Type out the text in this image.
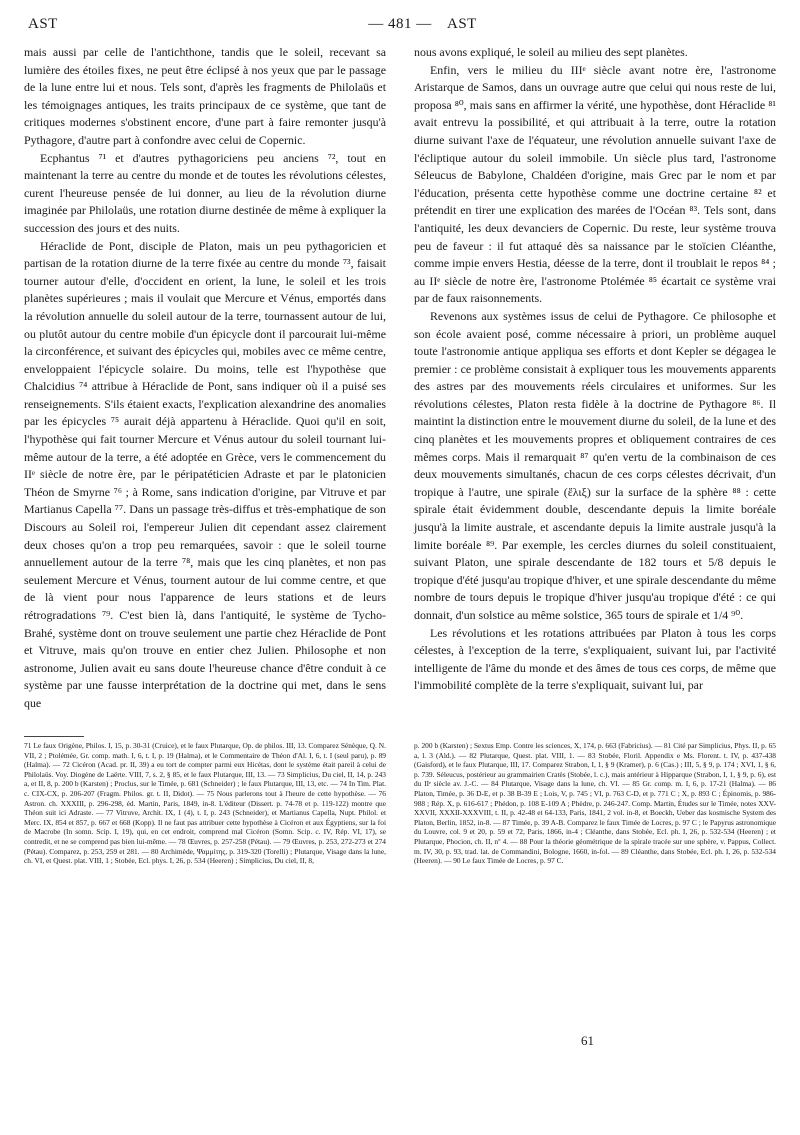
AST	— 481 —	AST

mais aussi par celle de l'antichthone, tandis que le soleil, recevant sa lumière des étoiles fixes, ne peut être éclipsé à nos yeux que par le passage de la lune entre lui et nous. Tels sont, d'après les fragments de Philolaüs et les témoignages antiques, les traits principaux de ce système, que tant de critiques modernes s'obstinent encore, d'une part à faire remonter jusqu'à Pythagore, d'autre part à confondre avec celui de Copernic.

Ecphantus ⁷¹ et d'autres pythagoriciens peu anciens ⁷², tout en maintenant la terre au centre du monde et de toutes les révolutions célestes, curent l'heureuse pensée de lui donner, au lieu de la révolution diurne imaginée par Philolaüs, une rotation diurne destinée de même à expliquer la succession des jours et des nuits.

Héraclide de Pont, disciple de Platon, mais un peu pythagoricien et partisan de la rotation diurne de la terre fixée au centre du monde ⁷³, faisait tourner autour d'elle, d'occident en orient, la lune, le soleil et les trois planètes supérieures ; mais il voulait que Mercure et Vénus, emportés dans la révolution annuelle du soleil autour de la terre, tournassent autour de lui, ou plutôt autour du centre mobile d'un épicycle dont il parcourait lui-même la circonférence, et suivant des épicycles qui, mobiles avec ce même centre, enveloppaient l'épicycle solaire. Du moins, telle est l'hypothèse que Chalcidius ⁷⁴ attribue à Héraclide de Pont, sans indiquer où il a puisé ses renseignements. S'ils étaient exacts, l'explication alexandrine des anomalies par les épicycles ⁷⁵ aurait déjà appartenu à Héraclide. Quoi qu'il en soit, l'hypothèse qui fait tourner Mercure et Vénus autour du soleil tournant lui-même autour de la terre, a été adoptée en Grèce, vers le commencement du IIᵉ siècle de notre ère, par le péripatéticien Adraste et par le platonicien Théon de Smyrne ⁷⁶ ; à Rome, sans indication d'origine, par Vitruve et par Martianus Capella ⁷⁷. Dans un passage très-diffus et très-emphatique de son Discours au Soleil roi, l'empereur Julien dit cependant assez clairement deux choses qu'on a trop peu remarquées, savoir : que le soleil tourne annuellement autour de la terre ⁷⁸, mais que les cinq planètes, et non pas seulement Mercure et Vénus, tournent autour de lui comme centre, et que de là vient pour nous l'apparence de leurs stations et de leurs rétrogradations ⁷⁹. C'est bien là, dans l'antiquité, le système de Tycho-Brahé, système dont on trouve seulement une partie chez Héraclide de Pont et Vitruve, mais qu'on trouve en entier chez Julien. Philosophe et non astronome, Julien avait eu sans doute l'heureuse chance d'être conduit à ce système par une fausse interprétation de la doctrine qui met, dans le sens que

nous avons expliqué, le soleil au milieu des sept planètes.

Enfin, vers le milieu du IIIᵉ siècle avant notre ère, l'astronome Aristarque de Samos, dans un ouvrage autre que celui qui nous reste de lui, proposa ⁸⁰, mais sans en affirmer la vérité, une hypothèse, dont Héraclide ⁸¹ avait entrevu la possibilité, et qui attribuait à la terre, outre la rotation diurne suivant l'axe de l'équateur, une révolution annuelle suivant l'axe de l'écliptique autour du soleil immobile. Un siècle plus tard, l'astronome Séleucus de Babylone, Chaldéen d'origine, mais Grec par le nom et par l'éducation, présenta cette hypothèse comme une doctrine certaine ⁸² et prétendit en tirer une explication des marées de l'Océan ⁸³. Tels sont, dans l'antiquité, les deux devanciers de Copernic. Du reste, leur système trouva peu de faveur : il fut attaqué dès sa naissance par le stoïcien Cléanthe, comme impie envers Hestia, déesse de la terre, dont il troublait le repos ⁸⁴ ; au IIᵉ siècle de notre ère, l'astronome Ptolémée ⁸⁵ écartait ce système vrai par de faux raisonnements.

Revenons aux systèmes issus de celui de Pythagore. Ce philosophe et son école avaient posé, comme nécessaire à priori, un problème auquel toute l'astronomie antique appliqua ses efforts et dont Kepler se dégagea le premier : ce problème consistait à expliquer tous les mouvements apparents des astres par des mouvements réels circulaires et uniformes. Sur les révolutions célestes, Platon resta fidèle à la doctrine de Pythagore ⁸⁶. Il maintint la distinction entre le mouvement diurne du soleil, de la lune et des cinq planètes et les mouvements propres et obliquement contraires de ces mêmes corps. Mais il remarquait ⁸⁷ qu'en vertu de la combinaison de ces deux mouvements simultanés, chacun de ces corps célestes décrivait, d'un tropique à l'autre, une spirale (ἕλιξ) sur la surface de la sphère ⁸⁸ : cette spirale était évidemment double, descendante depuis la limite boréale jusqu'à la limite australe, et ascendante depuis la limite australe jusqu'à la limite boréale ⁸⁹. Par exemple, les cercles diurnes du soleil constituaient, suivant Platon, une spirale descendante de 182 tours et 5/8 depuis le tropique d'été jusqu'au tropique d'hiver, et une spirale descendante du même nombre de tours depuis le tropique d'hiver jusqu'au tropique d'été : ce qui donnait, d'un solstice au même solstice, 365 tours de spirale et 1/4 ⁹⁰.

Les révolutions et les rotations attribuées par Platon à tous les corps célestes, à l'exception de la terre, s'expliquaient, suivant lui, par l'activité intelligente de l'âme du monde et des âmes de tous ces corps, de même que l'immobilité complète de la terre s'expliquait, suivant lui, par

71 Le faux Origène, Philos. I, 15, p. 30-31 (Cruice), et le faux Plutarque, Op. de philos. III, 13. Comparez Sénèque, Q. N. VII, 2 ; Ptolémée, Gr. comp. math. I, 6, t. I, p. 19 (Halma), et le Commentaire de Théon d'Al. I, 6, t. I (seul paru), p. 89 (Halma). — 72 Cicéron (Acad. pr. II, 39) a eu tort de compter parmi eux Hicétas, dont le système était pareil à celui de Philolaüs. Voy. Diogène de Laërte. VIII, 7, s. 2, § 85, et le faux Plutarque, III, 13. — 73 Simplicius, Du ciel, II, 14, p. 243 a, et II, 8, p. 200 b (Karsten) ; Proclus, sur le Timée, p. 681 (Schneider) ; le faux Plutarque, III, 13, etc. — 74 In Tim. Plat. c. CIX-CX, p. 206-207 (Fragm. Philos. gr. t. II, Didot). — 75 Nous parlerons tout à l'heure de cette hypothèse. — 76 Astron. ch. XXXIII, p. 296-298, éd. Martin, Paris, 1849, in-8. L'éditeur (Dissert. p. 74-78 et p. 119-122) montre que Théon suit ici Adraste. — 77 Vitruve, Archit. IX, 1 (4), t. I, p. 243 (Schneider), et Martianus Capella, Nupt. Philol. et Merc. IX, 854 et 857, p. 667 et 668 (Kopp). Il ne faut pas attribuer cette hypothèse à Cicéron et aux Égyptiens, sur la foi de Macrobe (In somn. Scip. I, 19), qui, en cet endroit, comprend mal Cicéron (Somn. Scip. c. IV, Rép. VI, 17), se contredit, et ne se comprend pas bien lui-même. — 78 Œuvres, p. 257-258 (Pétau). — 79 Œuvres, p. 253, 272-273 et 274 (Pétau). Comparez, p. 253, 259 et 281. — 80 Archimède, Ψαμμίτης, p. 319-320 (Torelli) ; Plutarque, Visage dans la lune, ch. VI, et Quest. plat. VIII, 1 ; Stobée, Ecl. phys. I, 26, p. 534 (Heeren) ; Simplicius, Du ciel, II, 8,
p. 200 b (Karsten) ; Sextus Emp. Contre les sciences, X, 174, p. 663 (Fabricius). — 81 Cité par Simplicius, Phys. II, p. 65 a, l. 3 (Ald.). — 82 Plutarque, Quest. plat. VIII, 1. — 83 Stobée, Floril. Appendix e Ms. Florent. t. IV, p. 437-438 (Gaisford), et le faux Plutarque, III, 17. Comparez Strabon, I, 1, § 9 (Kramer), p. 6 (Cas.) ; III, 5, § 9, p. 174 ; XVI, 1, § 6, p. 739. Séleucus, postérieur au grammairien Cratès (Stobée, l. c.), mais antérieur à Hipparque (Strabon, I, 1, § 9, p. 6), est du IIᵉ siècle av. J.-C. — 84 Plutarque, Visage dans la lune, ch. VI. — 85 Gr. comp. m. I, 6, p. 17-21 (Halma). — 86 Platon, Timée, p. 36 D-E, et p. 38 B-39 E ; Lois, V, p. 745 ; VI, p. 763 C-D, et p. 771 C ; X, p. 893 C ; Épinomis, p. 986-988 ; Rép. X, p. 616-617 ; Phédon, p. 108 E-109 A ; Phèdre, p. 246-247. Comp. Martin, Études sur le Timée, notes XXV-XXVII, XXXII-XXXVIII, t. II, p. 42-48 et 64-133, Paris, 1841, 2 vol. in-8, et Boeckh, Ueber das kosmische System des Platon, Berlin, 1852, in-8. — 87 Timée, p. 39 A-B. Comparez le faux Timée de Locres, p. 97 C ; le Papyrus astronomique du Louvre, col. 9 et 20, p. 59 et 72, Paris, 1866, in-4 ; Cléanthe, dans Stobée, Ecl. ph. I, 26, p. 532-534 (Heeren) ; et Plutarque, Phocion, ch. II, nº 4. — 88 Pour la théorie géométrique de la spirale tracée sur une sphère, v. Pappus, Collect. m. IV, 30, p. 93, trad. lat. de Commandini, Bologne, 1660, in-fol. — 89 Cléanthe, dans Stobée, Ecl. ph. I, 26, p. 532-534 (Heeren). — 90 Le faux Timée de Locres, p. 97 C.
61
